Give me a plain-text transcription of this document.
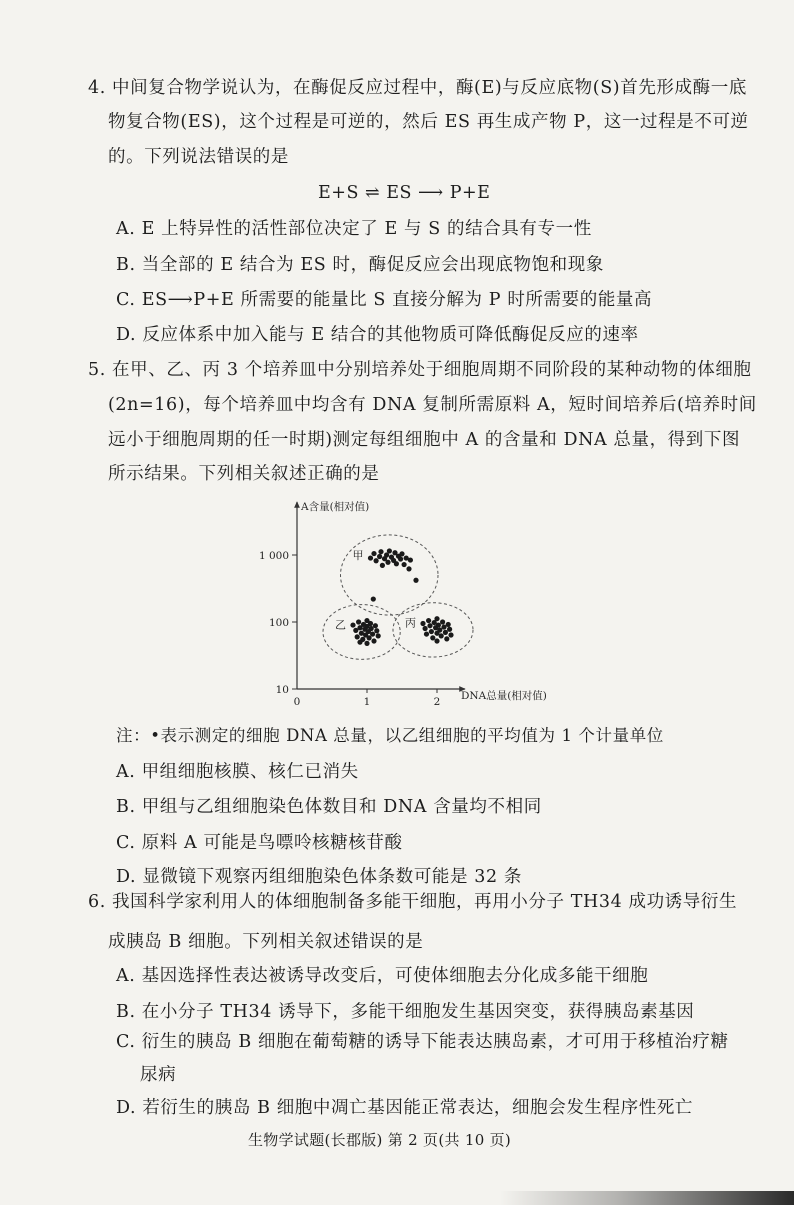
4. 中间复合物学说认为，在酶促反应过程中，酶(E)与反应底物(S)首先形成酶一底
物复合物(ES)，这个过程是可逆的，然后 ES 再生成产物 P，这一过程是不可逆
的。下列说法错误的是
E+S ⇌ ES ⟶ P+E
A. E 上特异性的活性部位决定了 E 与 S 的结合具有专一性
B. 当全部的 E 结合为 ES 时，酶促反应会出现底物饱和现象
C. ES⟶P+E 所需要的能量比 S 直接分解为 P 时所需要的能量高
D. 反应体系中加入能与 E 结合的其他物质可降低酶促反应的速率
5. 在甲、乙、丙 3 个培养皿中分别培养处于细胞周期不同阶段的某种动物的体细胞
(2n=16)，每个培养皿中均含有 DNA 复制所需原料 A，短时间培养后(培养时间
远小于细胞周期的任一时期)测定每组细胞中 A 的含量和 DNA 总量，得到下图
所示结果。下列相关叙述正确的是
A含量(相对值)
DNA总量(相对值)
10
100
1 000
0	1	2
甲
乙	丙
注：•表示测定的细胞 DNA 总量，以乙组细胞的平均值为 1 个计量单位
A. 甲组细胞核膜、核仁已消失
B. 甲组与乙组细胞染色体数目和 DNA 含量均不相同
C. 原料 A 可能是鸟嘌呤核糖核苷酸
D. 显微镜下观察丙组细胞染色体条数可能是 32 条
6. 我国科学家利用人的体细胞制备多能干细胞，再用小分子 TH34 成功诱导衍生
成胰岛 B 细胞。下列相关叙述错误的是
A. 基因选择性表达被诱导改变后，可使体细胞去分化成多能干细胞
B. 在小分子 TH34 诱导下，多能干细胞发生基因突变，获得胰岛素基因
C. 衍生的胰岛 B 细胞在葡萄糖的诱导下能表达胰岛素，才可用于移植治疗糖
尿病
D. 若衍生的胰岛 B 细胞中凋亡基因能正常表达，细胞会发生程序性死亡
生物学试题(长郡版) 第 2 页(共 10 页)
